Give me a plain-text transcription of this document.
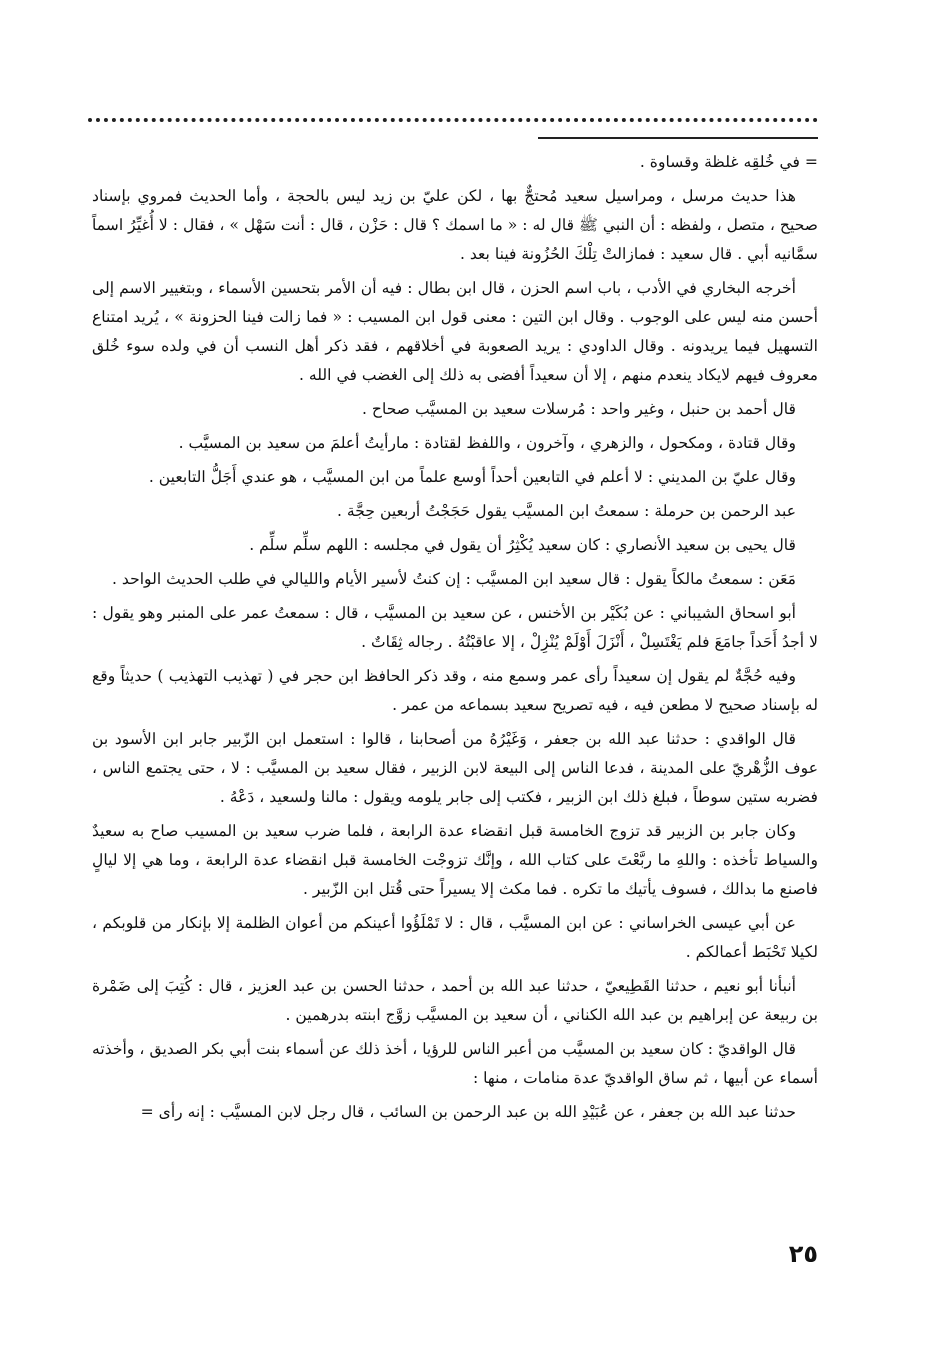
= في خُلقِه غلظة وقساوة .

هذا حديث مرسل ، ومراسيل سعيد مُحتجٌّ بها ، لكن عليّ بن زيد ليس بالحجة ، وأما الحديث فمروي بإسناد صحيح ، متصل ، ولفظه : أن النبي ﷺ قال له : « ما اسمك ؟ قال : حَزْن ، قال : أنت سَهْل » ، فقال : لا أُغيِّرُ اسماً سمَّانيه أبي . قال سعيد : فمازالتْ تِلْكَ الحُزُونة فينا بعد .

أخرجه البخاري في الأدب ، باب اسم الحزن ، قال ابن بطال : فيه أن الأمر بتحسين الأسماء ، وبتغيير الاسم إلى أحسن منه ليس على الوجوب . وقال ابن التين : معنى قول ابن المسيب : « فما زالت فينا الحزونة » ، يُريد امتناع التسهيل فيما يريدونه . وقال الداودي : يريد الصعوبة في أخلاقهم ، فقد ذكر أهل النسب أن في ولده سوء خُلق معروف فيهم لايكاد ينعدم منهم ، إلا أن سعيداً أفضى به ذلك إلى الغضب في الله .

قال أحمد بن حنبل ، وغير واحد : مُرسلات سعيد بن المسيَّب صحاح .

وقال قتادة ، ومكحول ، والزهري ، وآخرون ، واللفظ لقتادة : مارأيتُ أعلمَ من سعيد بن المسيَّب .

وقال عليّ بن المديني : لا أعلم في التابعين أحداً أوسع علماً من ابن المسيَّب ، هو عندي أَجَلُّ التابعين .

عبد الرحمن بن حرملة : سمعتُ ابن المسيَّب يقول حَجَجْتُ أربعين حِجَّة .

قال يحيى بن سعيد الأنصاري : كان سعيد يُكْثِرُ أن يقول في مجلسه : اللهم سلِّم سلِّم .

مَعَن : سمعتُ مالكاً يقول : قال سعيد ابن المسيَّب : إن كنتُ لأسير الأيام والليالي في طلب الحديث الواحد .

أبو اسحاق الشيباني : عن بُكَيْر بن الأخنس ، عن سعيد بن المسيَّب ، قال : سمعتُ عمر على المنبر وهو يقول : لا أجدُ أَحَداً جامَعَ فلم يَغْتَسِلْ ، أَنْزَلَ أَوْلَمْ يُنْزِلْ ، إلا عاقبْتُهُ . رجاله ثِقَاتٌ .

وفيه حُجَّةٌ لم يقول إن سعيداً رأى عمر وسمع منه ، وقد ذكر الحافظ ابن حجر في ( تهذيب التهذيب ) حديثاً وقع له بإسناد صحيح لا مطعن فيه ، فيه تصريح سعيد بسماعه من عمر .

قال الواقدي : حدثنا عبد الله بن جعفر ، وَغَيْرُهُ من أصحابنا ، قالوا : استعمل ابن الزّبير جابر ابن الأسود بن عوف الزُّهْريّ على المدينة ، فدعا الناس إلى البيعة لابن الزبير ، فقال سعيد بن المسيَّب : لا ، حتى يجتمع الناس ، فضربه ستين سوطاً ، فبلغ ذلك ابن الزبير ، فكتب إلى جابر يلومه ويقول : مالنا ولسعيد ، دَعْهُ .

وكان جابر بن الزبير قد تزوج الخامسة قبل انقضاء عدة الرابعة ، فلما ضرب سعيد بن المسيب صاح به سعيدٌ والسياط تأخذه : واللهِ ما ربَّعْتَ على كتاب الله ، وإنَّك تزوجْت الخامسة قبل انقضاء عدة الرابعة ، وما هي إلا ليالٍ فاصنع ما بدالك ، فسوف يأتيك ما تكره . فما مكث إلا يسيراً حتى قُتل ابن الزّبير .

عن أبي عيسى الخراساني : عن ابن المسيَّب ، قال : لا تَمْلَؤُوا أعينكم من أعوان الظلمة إلا بإنكار من قلوبكم ، لكيلا تَحْبَط أعمالكم .

أنبأنا أبو نعيم ، حدثنا القَطِيعيّ ، حدثنا عبد الله بن أحمد ، حدثنا الحسن بن عبد العزيز ، قال : كُتِبَ إلى ضَمْرة بن ربيعة عن إبراهيم بن عبد الله الكناني ، أن سعيد بن المسيَّب زوَّج ابنته بدرهمين .

قال الواقديّ : كان سعيد بن المسيَّب من أعبر الناس للرؤيا ، أخذ ذلك عن أسماء بنت أبي بكر الصديق ، وأخذته أسماء عن أبيها ، ثم ساق الواقديّ عدة منامات ، منها :

حدثنا عبد الله بن جعفر ، عن عُبَيْدِ الله بن عبد الرحمن بن السائب ، قال رجل لابن المسيَّب : إنه رأى =

٢٥
